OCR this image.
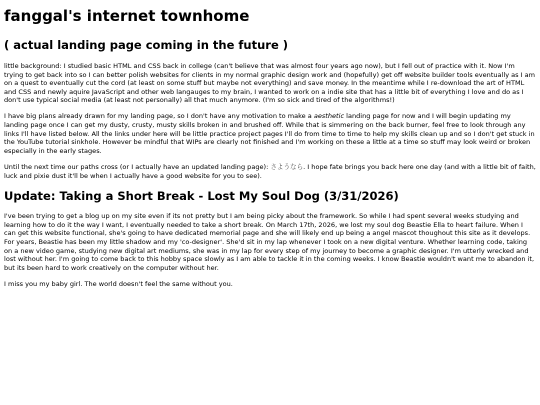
fanggal's internet townhome
( actual landing page coming in the future )

little background: I studied basic HTML and CSS back in college (can't believe that was almost four years ago now), but I fell out of practice with it. Now I'm trying to get back into so I can better polish websites for clients in my normal graphic design work and (hopefully) get off website builder tools eventually as I am on a quest to eventually cut the cord (at least on some stuff but maybe not everything) and save money. In the meantime while I re-download the art of HTML and CSS and newly aquire JavaScript and other web langauges to my brain, I wanted to work on a indie site that has a little bit of everything I love and do as I don't use typical social media (at least not personally) all that much anymore. (I'm so sick and tired of the algorithms!)

I have big plans already drawn for my landing page, so I don't have any motivation to make a aesthetic landing page for now and I will begin updating my landing page once I can get my dusty, crusty, musty skills broken in and brushed off. While that is simmering on the back burner, feel free to look through any links I'll have listed below. All the links under here will be little practice project pages I'll do from time to time to help my skills clean up and so I don't get stuck in the YouTube tutorial sinkhole. However be mindful that WIPs are clearly not finished and I'm working on these a little at a time so stuff may look weird or broken especially in the early stages.

Until the next time our paths cross (or I actually have an updated landing page): さようなら. I hope fate brings you back here one day (and with a little bit of faith, luck and pixie dust it'll be when I actually have a good website for you to see).

Update: Taking a Short Break - Lost My Soul Dog (3/31/2026)

I've been trying to get a blog up on my site even if its not pretty but I am being picky about the framework. So while I had spent several weeks studying and learning how to do it the way I want, I eventually needed to take a short break. On March 17th, 2026, we lost my soul dog Beastie Ella to heart failure. When I can get this website functional, she's going to have dedicated memorial page and she will likely end up being a angel mascot thoughout this site as it develops. For years, Beastie has been my little shadow and my 'co-designer'. She'd sit in my lap whenever I took on a new digital venture. Whether learning code, taking on a new video game, studying new digital art mediums, she was in my lap for every step of my journey to become a graphic designer. I'm utterly wrecked and lost without her. I'm going to come back to this hobby space slowly as I am able to tackle it in the coming weeks. I know Beastie wouldn't want me to abandon it, but its been hard to work creatively on the computer without her.

I miss you my baby girl. The world doesn't feel the same without you.
